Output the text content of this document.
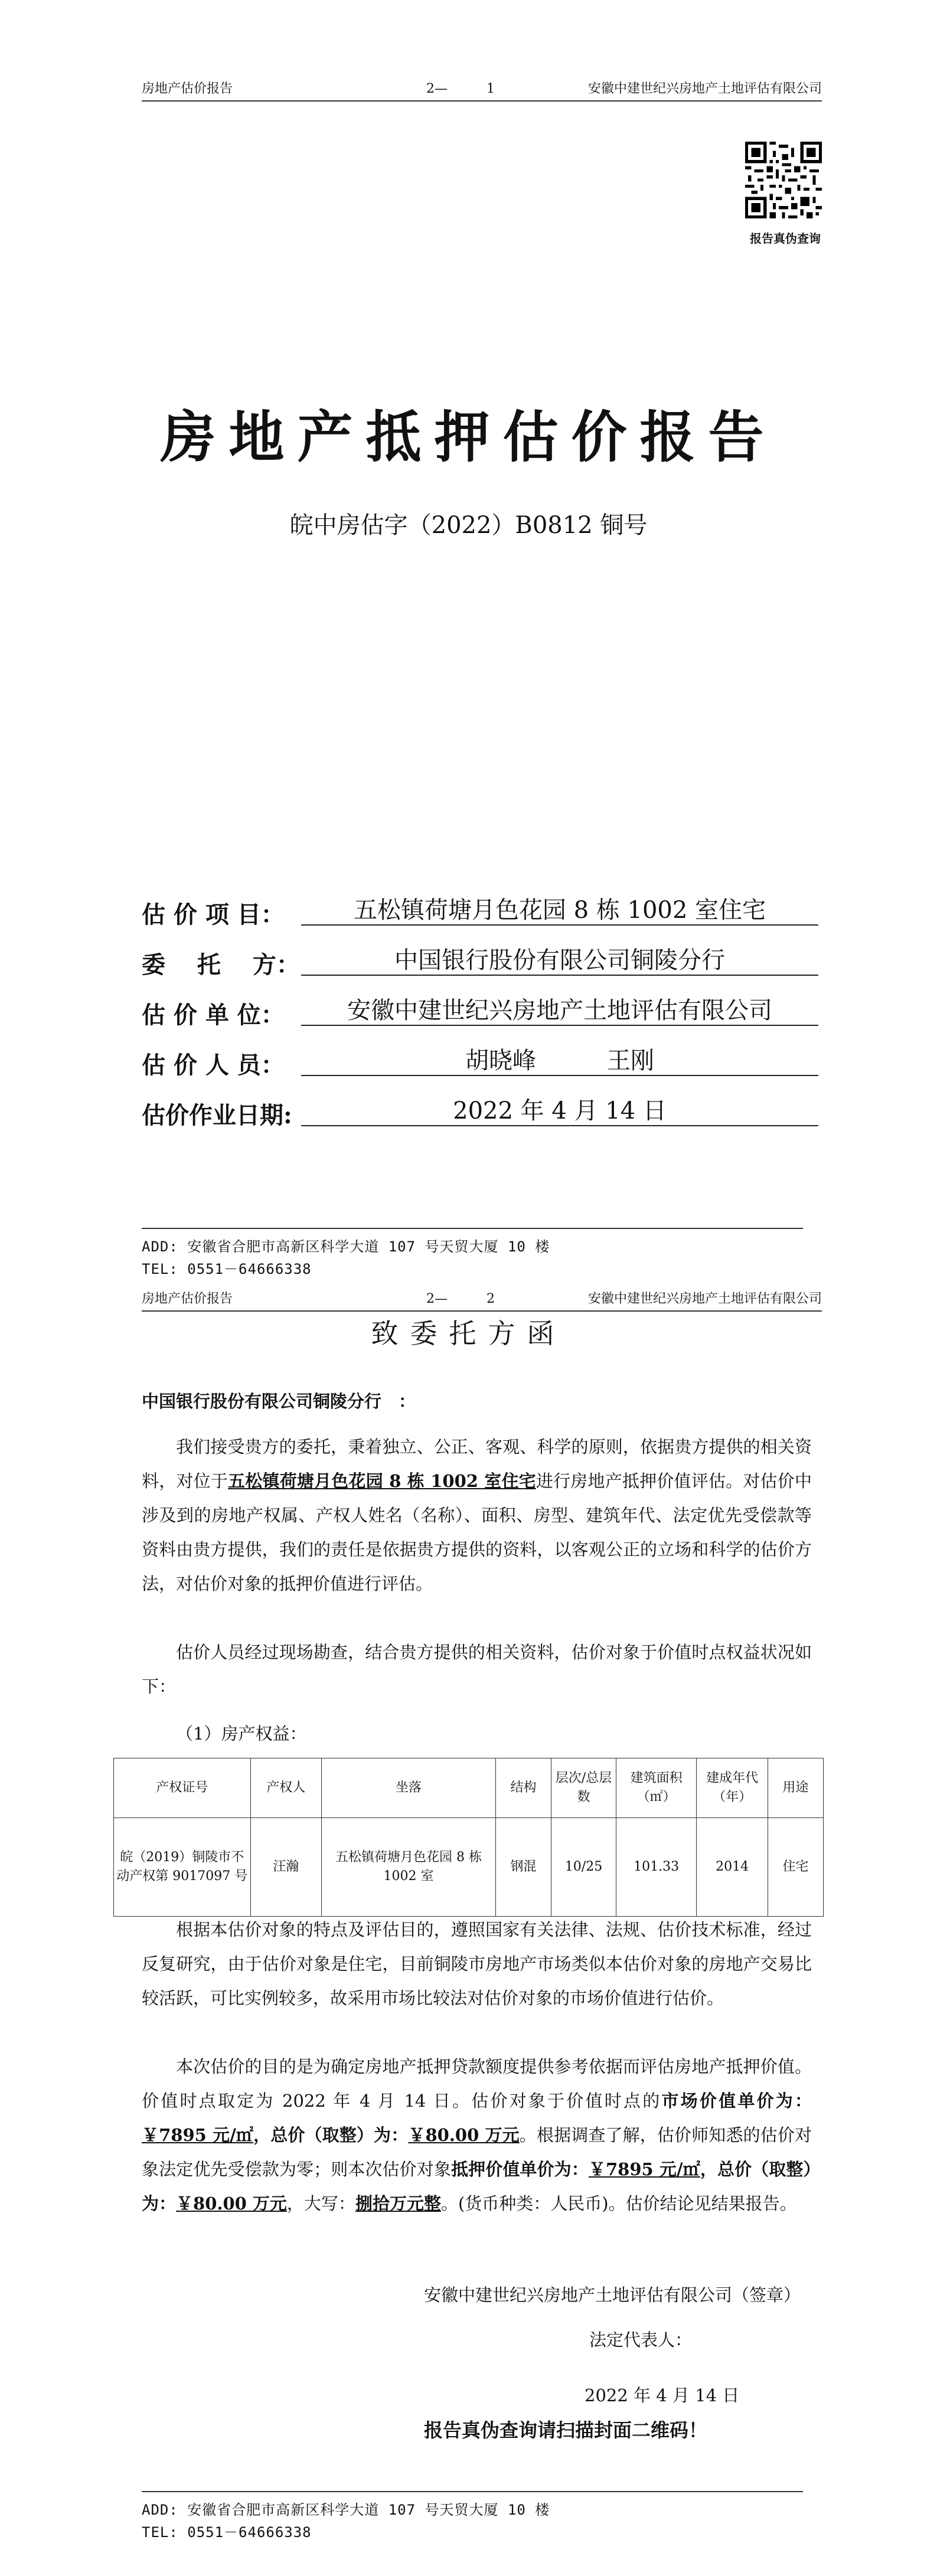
房地产估价报告	2—　　　1	安徽中建世纪兴房地产土地评估有限公司
报告真伪查询
房地产抵押估价报告
皖中房估字（2022）B0812 铜号
估 价 项 目：	五松镇荷塘月色花园 8 栋 1002 室住宅
委 　托 　方：	中国银行股份有限公司铜陵分行
估 价 单 位：	安徽中建世纪兴房地产土地评估有限公司
估 价 人 员：	胡晓峰　　　王刚
估价作业日期:	2022 年 4 月 14 日
ADD: 安徽省合肥市高新区科学大道 107 号天贸大厦 10 楼
TEL: 0551－64666338
房地产估价报告	2—　　　2	安徽中建世纪兴房地产土地评估有限公司
致委托方函
中国银行股份有限公司铜陵分行　：
我们接受贵方的委托，秉着独立、公正、客观、科学的原则，依据贵方提供的相关资料，对位于五松镇荷塘月色花园 8 栋 1002 室住宅进行房地产抵押价值评估。对估价中涉及到的房地产权属、产权人姓名（名称）、面积、房型、建筑年代、法定优先受偿款等资料由贵方提供，我们的责任是依据贵方提供的资料，以客观公正的立场和科学的估价方法，对估价对象的抵押价值进行评估。
估价人员经过现场勘查，结合贵方提供的相关资料，估价对象于价值时点权益状况如下：
（1）房产权益：
产权证号	产权人	坐落	结构	层次/总层数	建筑面积（㎡）	建成年代（年）	用途
皖（2019）铜陵市不动产权第 9017097 号	汪瀚	五松镇荷塘月色花园 8 栋 1002 室	钢混	10/25	101.33	2014	住宅
根据本估价对象的特点及评估目的，遵照国家有关法律、法规、估价技术标准，经过反复研究，由于估价对象是住宅，目前铜陵市房地产市场类似本估价对象的房地产交易比较活跃，可比实例较多，故采用市场比较法对估价对象的市场价值进行估价。
本次估价的目的是为确定房地产抵押贷款额度提供参考依据而评估房地产抵押价值。价值时点取定为 2022 年 4 月 14 日。估价对象于价值时点的市场价值单价为：￥7895 元/㎡，总价（取整）为：￥80.00 万元。根据调查了解，估价师知悉的估价对象法定优先受偿款为零；则本次估价对象抵押价值单价为：￥7895 元/㎡，总价（取整）为：￥80.00 万元，大写：捌拾万元整。(货币种类：人民币)。估价结论见结果报告。
安徽中建世纪兴房地产土地评估有限公司（签章）
法定代表人：
2022 年 4 月 14 日
报告真伪查询请扫描封面二维码！
ADD: 安徽省合肥市高新区科学大道 107 号天贸大厦 10 楼
TEL: 0551－64666338
